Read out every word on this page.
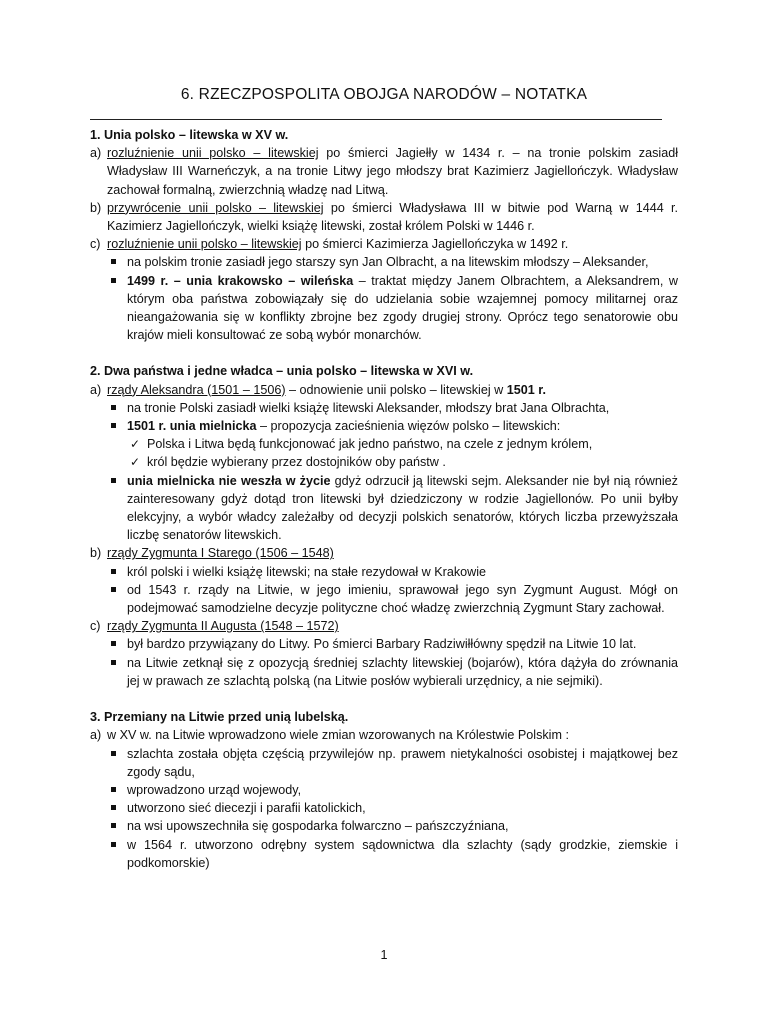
6. RZECZPOSPOLITA OBOJGA NARODÓW – NOTATKA
1. Unia polsko – litewska w XV w.
a) rozluźnienie unii polsko – litewskiej po śmierci Jagiełły w 1434 r. – na tronie polskim zasiadł Władysław III Warneńczyk, a na tronie Litwy jego młodszy brat Kazimierz Jagiellończyk. Władysław zachował formalną, zwierzchnią władzę nad Litwą.
b) przywrócenie unii polsko – litewskiej po śmierci Władysława III w bitwie pod Warną w 1444 r. Kazimierz Jagiellończyk, wielki książę litewski, został królem Polski w 1446 r.
c) rozluźnienie unii polsko – litewskiej po śmierci Kazimierza Jagiellończyka w 1492 r.
na polskim tronie zasiadł jego starszy syn Jan Olbracht, a na litewskim młodszy – Aleksander,
1499 r. – unia krakowsko – wileńska – traktat między Janem Olbrachtem, a Aleksandrem, w którym oba państwa zobowiązały się do udzielania sobie wzajemnej pomocy militarnej oraz nieangażowania się w konflikty zbrojne bez zgody drugiej strony. Oprócz tego senatorowie obu krajów mieli konsultować ze sobą wybór monarchów.
2. Dwa państwa i jedne władca – unia polsko – litewska w XVI w.
a) rządy Aleksandra (1501 – 1506) – odnowienie unii polsko – litewskiej w 1501 r.
na tronie Polski zasiadł wielki książę litewski Aleksander, młodszy brat Jana Olbrachta,
1501 r. unia mielnicka – propozycja zacieśnienia więzów polsko – litewskich:
✓ Polska i Litwa będą funkcjonować jak jedno państwo, na czele z jednym królem,
✓ król będzie wybierany przez dostojników oby państw .
unia mielnicka nie weszła w życie gdyż odrzucił ją litewski sejm. Aleksander nie był nią również zainteresowany gdyż dotąd tron litewski był dziedziczony w rodzie Jagiellonów. Po unii byłby elekcyjny, a wybór władcy zależałby od decyzji polskich senatorów, których liczba przewyższała liczbę senatorów litewskich.
b) rządy Zygmunta I Starego (1506 – 1548)
król polski i wielki książę litewski; na stałe rezydował w Krakowie
od 1543 r. rządy na Litwie, w jego imieniu, sprawował jego syn Zygmunt August. Mógł on podejmować samodzielne decyzje polityczne choć władzę zwierzchnią Zygmunt Stary zachował.
c) rządy Zygmunta II Augusta (1548 – 1572)
był bardzo przywiązany do Litwy. Po śmierci Barbary Radziwiłłówny spędził na Litwie 10 lat.
na Litwie zetknął się z opozycją średniej szlachty litewskiej (bojarów), która dążyła do zrównania jej w prawach ze szlachtą polską (na Litwie posłów wybierali urzędnicy, a nie sejmiki).
3. Przemiany na Litwie przed unią lubelską.
a) w XV w. na Litwie wprowadzono wiele zmian wzorowanych na Królestwie Polskim :
szlachta została objęta częścią przywilejów np. prawem nietykalności osobistej i majątkowej bez zgody sądu,
wprowadzono urząd wojewody,
utworzono sieć diecezji i parafii katolickich,
na wsi upowszechniła się gospodarka folwarczno – pańszczyźniana,
w 1564 r. utworzono odrębny system sądownictwa dla szlachty (sądy grodzkie, ziemskie i podkomorskie)
1
